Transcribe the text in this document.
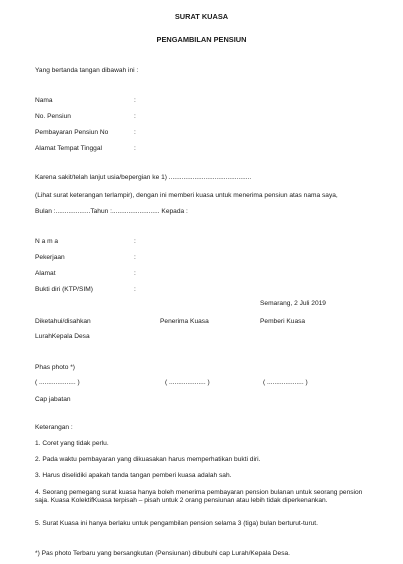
SURAT KUASA
PENGAMBILAN PENSIUN
Yang bertanda tangan dibawah ini :
Nama	:
No. Pensiun	:
Pembayaran Pensiun No	:
Alamat Tempat Tinggal	:
Karena sakit/telah lanjut usia/bepergian ke 1) .............................................
(Lihat surat keterangan terlampir), dengan ini memberi kuasa untuk menerima pensiun atas nama saya,
Bulan :...................Tahun :.......................... Kepada :
N a m a	:
Pekerjaan	:
Alamat	:
Bukti diri (KTP/SIM)	:
Semarang, 2 Juli 2019
Diketahui/disahkan	Penerima Kuasa	Pemberi Kuasa
LurahKepala Desa
Phas photo *)
( .................... )	( .................... )	( .................... )
Cap jabatan
Keterangan :
1. Coret yang tidak perlu.
2. Pada waktu pembayaran yang dikuasakan harus memperhatikan bukti diri.
3. Harus diselidiki apakah tanda tangan pemberi kuasa adalah sah.
4. Seorang pemegang surat kuasa hanya boleh menerima pembayaran pension bulanan untuk seorang pension saja. Kuasa KolektifKuasa terpisah – pisah untuk 2 orang pensiunan atau lebih tidak diperkenankan.
5. Surat Kuasa ini hanya berlaku untuk pengambilan pension selama 3 (tiga) bulan berturut-turut.
*) Pas photo Terbaru yang bersangkutan (Pensiunan) dibubuhi cap Lurah/Kepala Desa.
